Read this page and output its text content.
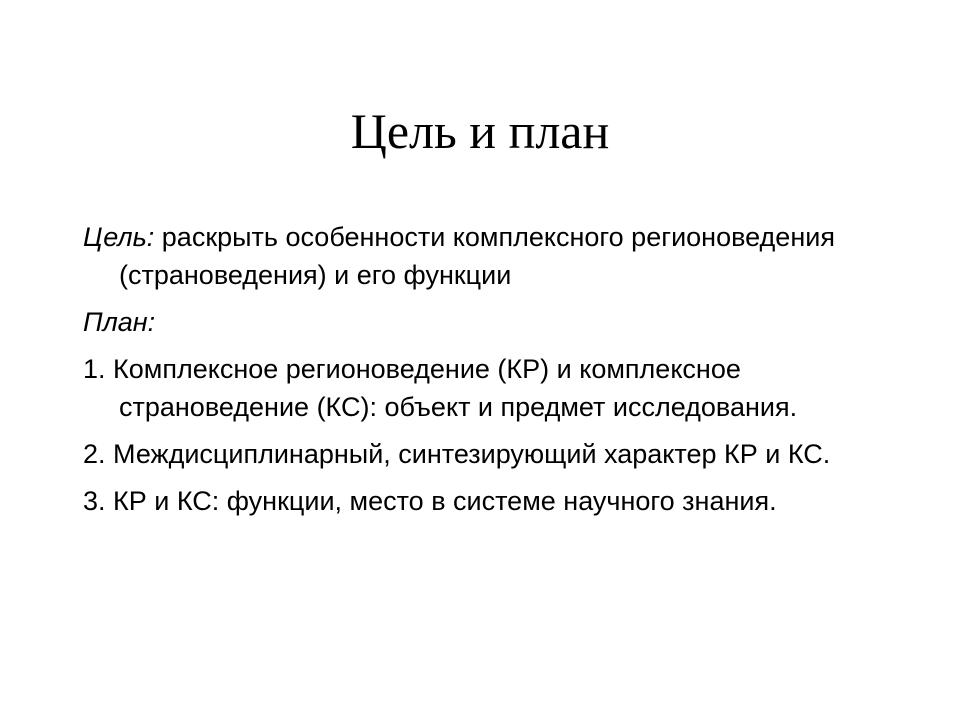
Цель и план

Цель: раскрыть особенности комплексного регионоведения (страноведения) и его функции

План:

1. Комплексное регионоведение (КР) и комплексное страноведение (КС): объект и предмет исследования.

2. Междисциплинарный, синтезирующий характер КР и КС.

3. КР и КС: функции, место в системе научного знания.
